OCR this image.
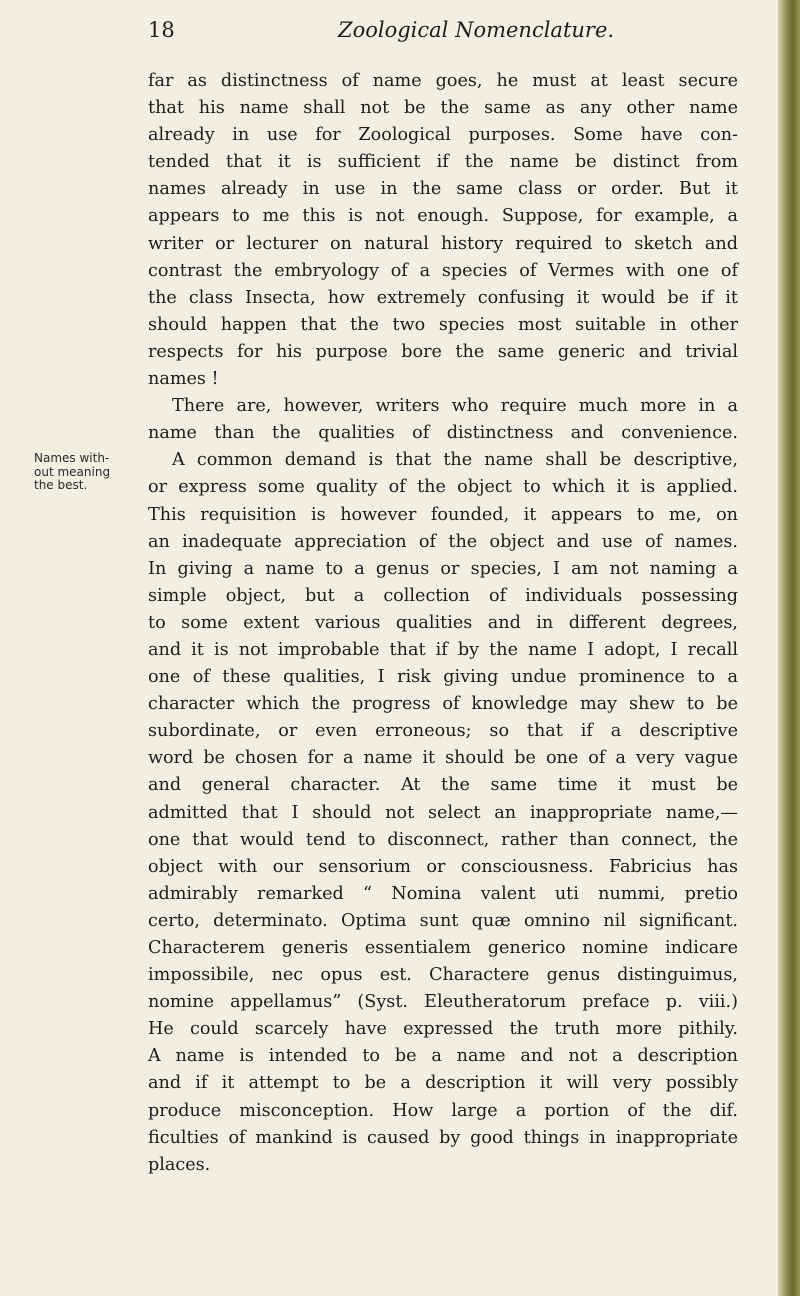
18	Zoological Nomenclature.
Names with-
out meaning
the best.
far as distinctness of name goes, he must at least secure
that his name shall not be the same as any other name
already in use for Zoological purposes. Some have con-
tended that it is sufficient if the name be distinct from
names already in use in the same class or order. But it
appears to me this is not enough. Suppose, for example, a
writer or lecturer on natural history required to sketch and
contrast the embryology of a species of Vermes with one of
the class Insecta, how extremely confusing it would be if it
should happen that the two species most suitable in other
respects for his purpose bore the same generic and trivial
names !
There are, however, writers who require much more in a
name than the qualities of distinctness and convenience.
A common demand is that the name shall be descriptive,
or express some quality of the object to which it is applied.
This requisition is however founded, it appears to me, on
an inadequate appreciation of the object and use of names.
In giving a name to a genus or species, I am not naming a
simple object, but a collection of individuals possessing
to some extent various qualities and in different degrees,
and it is not improbable that if by the name I adopt, I recall
one of these qualities, I risk giving undue prominence to a
character which the progress of knowledge may shew to be
subordinate, or even erroneous; so that if a descriptive
word be chosen for a name it should be one of a very vague
and general character. At the same time it must be
admitted that I should not select an inappropriate name,—
one that would tend to disconnect, rather than connect, the
object with our sensorium or consciousness. Fabricius has
admirably remarked “ Nomina valent uti nummi, pretio
certo, determinato. Optima sunt quæ omnino nil significant.
Characterem generis essentialem generico nomine indicare
impossibile, nec opus est. Charactere genus distinguimus,
nomine appellamus” (Syst. Eleutheratorum preface p. viii.)
He could scarcely have expressed the truth more pithily.
A name is intended to be a name and not a description
and if it attempt to be a description it will very possibly
produce misconception. How large a portion of the dif.
ficulties of mankind is caused by good things in inappropriate
places.
